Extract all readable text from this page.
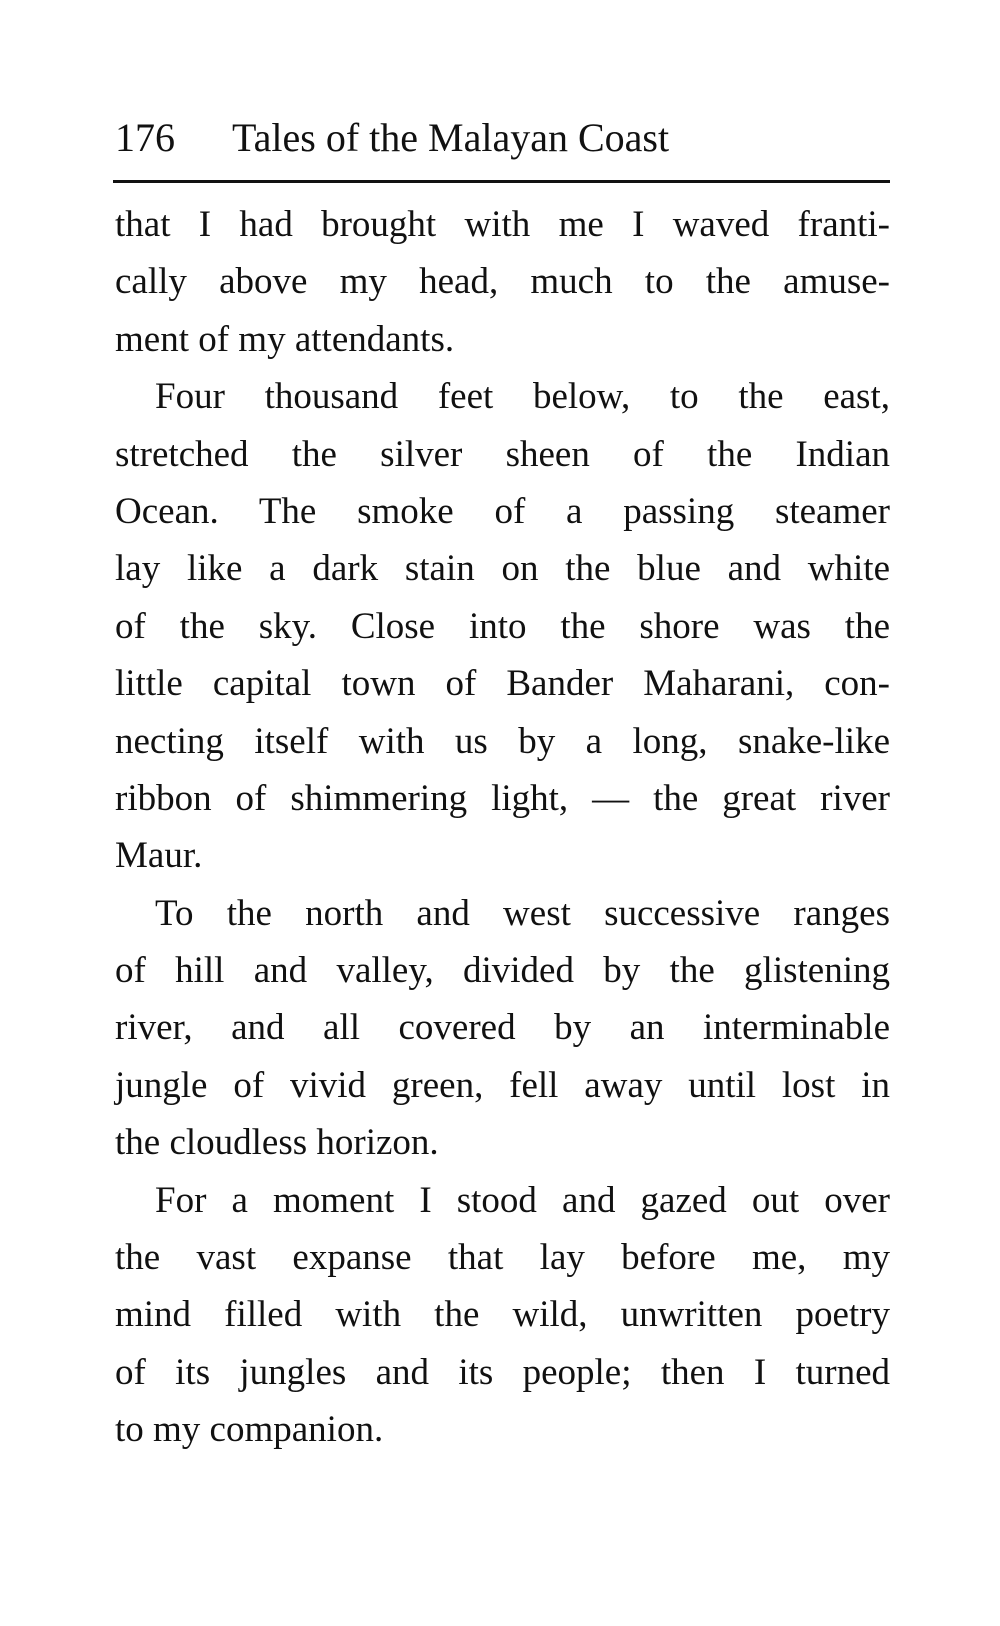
176 Tales of the Malayan Coast
that I had brought with me I waved franti-
cally above my head, much to the amuse-
ment of my attendants.
Four thousand feet below, to the east,
stretched the silver sheen of the Indian
Ocean. The smoke of a passing steamer
lay like a dark stain on the blue and white
of the sky. Close into the shore was the
little capital town of Bander Maharani, con-
necting itself with us by a long, snake-like
ribbon of shimmering light, — the great river
Maur.
To the north and west successive ranges
of hill and valley, divided by the glistening
river, and all covered by an interminable
jungle of vivid green, fell away until lost in
the cloudless horizon.
For a moment I stood and gazed out over
the vast expanse that lay before me, my
mind filled with the wild, unwritten poetry
of its jungles and its people; then I turned
to my companion.
